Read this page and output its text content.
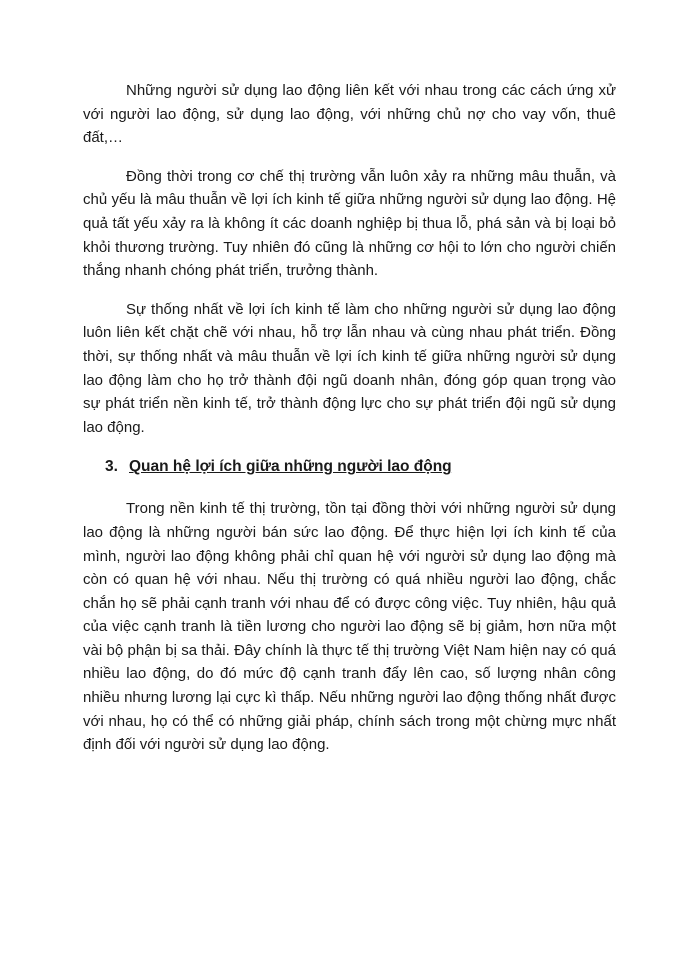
Những người sử dụng lao động liên kết với nhau trong các cách ứng xử với người lao động, sử dụng lao động, với những chủ nợ cho vay vốn, thuê đất,…

Đồng thời trong cơ chế thị trường vẫn luôn xảy ra những mâu thuẫn, và chủ yếu là mâu thuẫn về lợi ích kinh tế giữa những người sử dụng lao động. Hệ quả tất yếu xảy ra là không ít các doanh nghiệp bị thua lỗ, phá sản và bị loại bỏ khỏi thương trường. Tuy nhiên đó cũng là những cơ hội to lớn cho người chiến thắng nhanh chóng phát triển, trưởng thành.

Sự thống nhất về lợi ích kinh tế làm cho những người sử dụng lao động luôn liên kết chặt chẽ với nhau, hỗ trợ lẫn nhau và cùng nhau phát triển. Đồng thời, sự thống nhất và mâu thuẫn về lợi ích kinh tế giữa những người sử dụng lao động làm cho họ trở thành đội ngũ doanh nhân, đóng góp quan trọng vào sự phát triển nền kinh tế, trở thành động lực cho sự phát triển đội ngũ sử dụng lao động.

3. Quan hệ lợi ích giữa những người lao động

Trong nền kinh tế thị trường, tồn tại đồng thời với những người sử dụng lao động là những người bán sức lao động. Để thực hiện lợi ích kinh tế của mình, người lao động không phải chỉ quan hệ với người sử dụng lao động mà còn có quan hệ với nhau. Nếu thị trường có quá nhiều người lao động, chắc chắn họ sẽ phải cạnh tranh với nhau để có được công việc. Tuy nhiên, hậu quả của việc cạnh tranh là tiền lương cho người lao động sẽ bị giảm, hơn nữa một vài bộ phận bị sa thải. Đây chính là thực tế thị trường Việt Nam hiện nay có quá nhiều lao động, do đó mức độ cạnh tranh đẩy lên cao, số lượng nhân công nhiều nhưng lương lại cực kì thấp. Nếu những người lao động thống nhất được với nhau, họ có thể có những giải pháp, chính sách trong một chừng mực nhất định đối với người sử dụng lao động.
